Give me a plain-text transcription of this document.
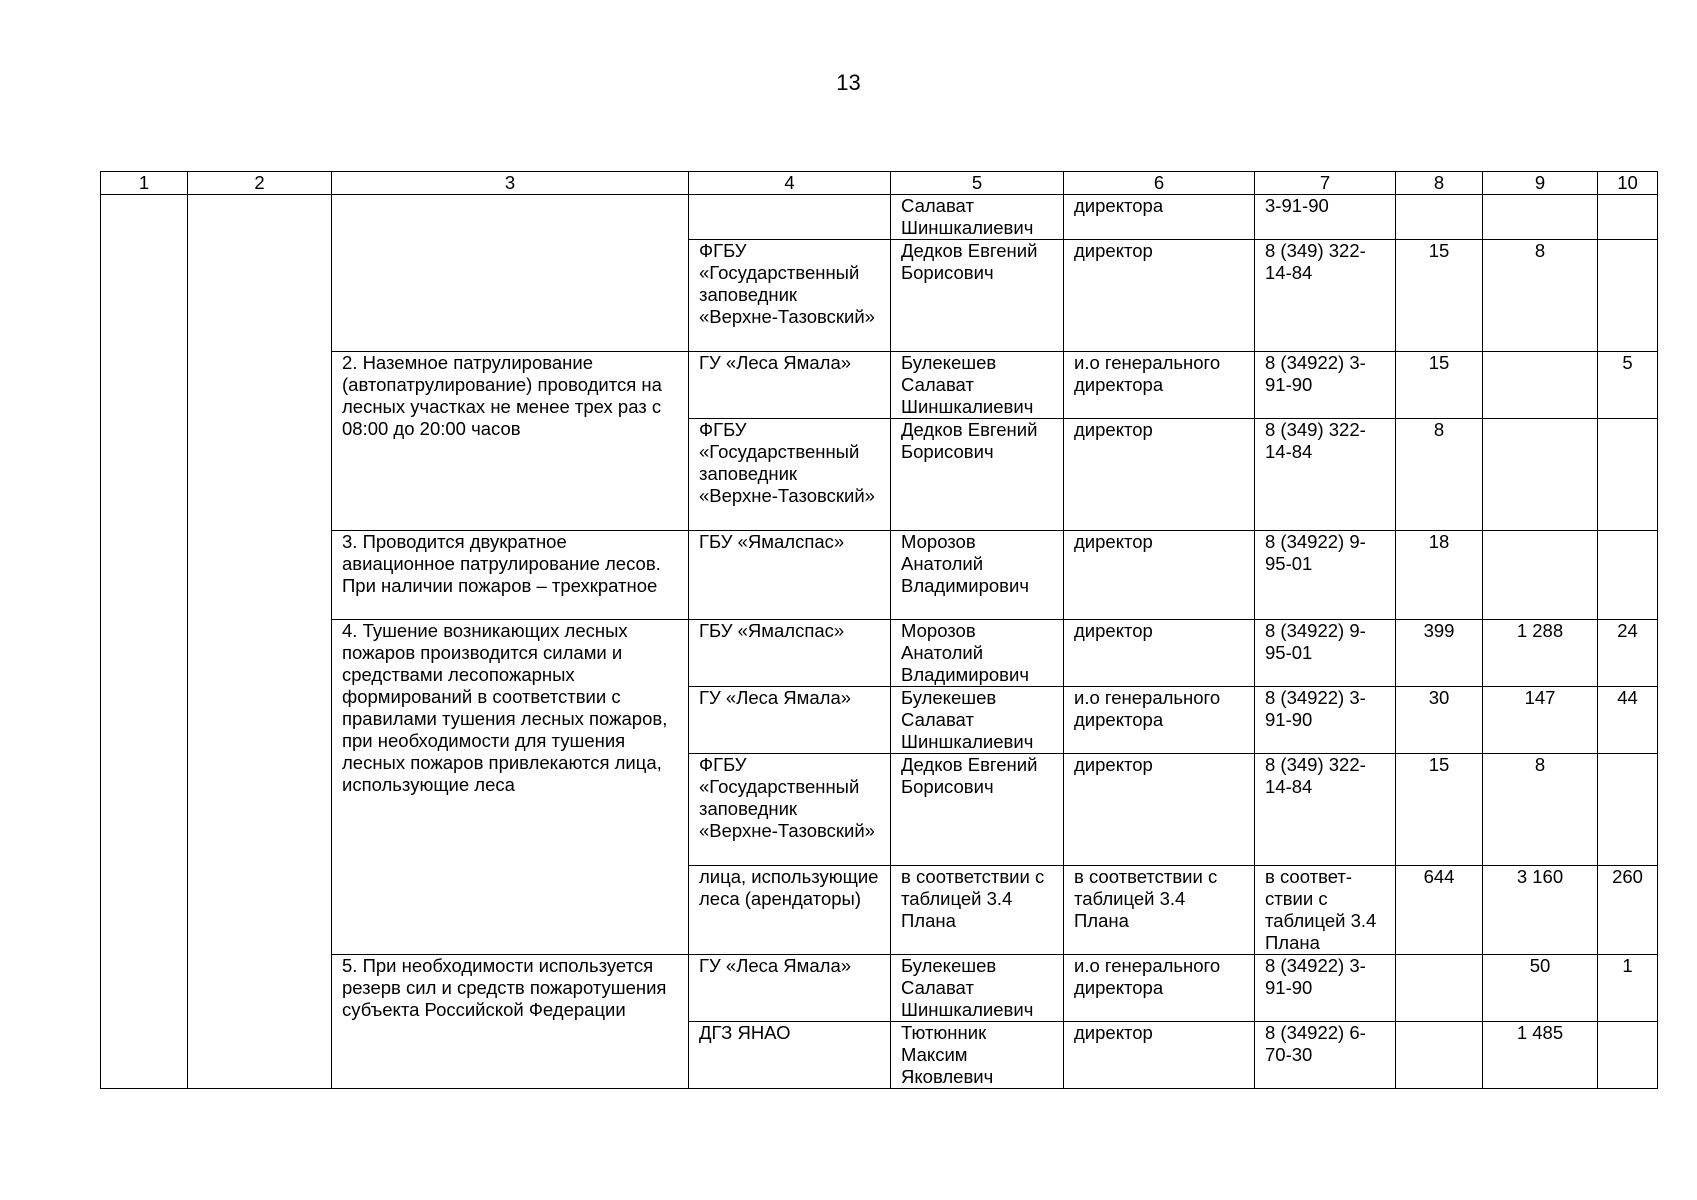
13
1	2	3	4	5	6	7	8	9	10
				Салават Шиншкалиевич	директора	3-91-90			
			ФГБУ «Государственный заповедник «Верхне-Тазовский»	Дедков Евгений Борисович	директор	8 (349) 322-14-84	15	8	
		2. Наземное патрулирование (автопатрулирование) проводится на лесных участках не менее трех раз с 08:00 до 20:00 часов	ГУ «Леса Ямала»	Булекешев Салават Шиншкалиевич	и.о генерального директора	8 (34922) 3-91-90	15		5
			ФГБУ «Государственный заповедник «Верхне-Тазовский»	Дедков Евгений Борисович	директор	8 (349) 322-14-84	8		
		3. Проводится двукратное авиационное патрулирование лесов. При наличии пожаров – трехкратное	ГБУ «Ямалспас»	Морозов Анатолий Владимирович	директор	8 (34922) 9-95-01	18		
		4. Тушение возникающих лесных пожаров производится силами и средствами лесопожарных формирований в соответствии с правилами тушения лесных пожаров, при необходимости для тушения лесных пожаров привлекаются лица, использующие леса	ГБУ «Ямалспас»	Морозов Анатолий Владимирович	директор	8 (34922) 9-95-01	399	1 288	24
			ГУ «Леса Ямала»	Булекешев Салават Шиншкалиевич	и.о генерального директора	8 (34922) 3-91-90	30	147	44
			ФГБУ «Государственный заповедник «Верхне-Тазовский»	Дедков Евгений Борисович	директор	8 (349) 322-14-84	15	8	
			лица, использующие леса (арендаторы)	в соответствии с таблицей 3.4 Плана	в соответствии с таблицей 3.4 Плана	в соответ-ствии с таблицей 3.4 Плана	644	3 160	260
		5. При необходимости используется резерв сил и средств пожаротушения субъекта Российской Федерации	ГУ «Леса Ямала»	Булекешев Салават Шиншкалиевич	и.о генерального директора	8 (34922) 3-91-90		50	1
			ДГЗ ЯНАО	Тютюнник Максим Яковлевич	директор	8 (34922) 6-70-30		1 485	
